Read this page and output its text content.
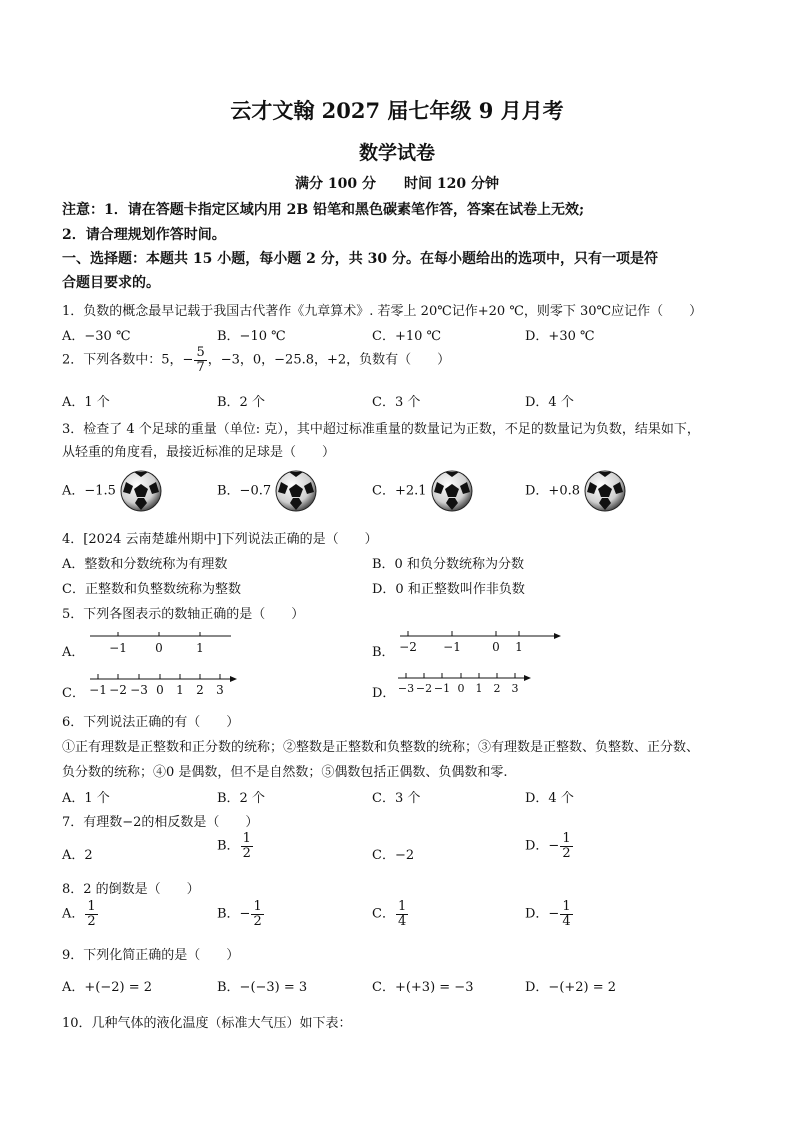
云才文翰 2027 届七年级 9 月月考
数学试卷
满分 100 分 时间 120 分钟
注意：1．请在答题卡指定区域内用 2B 铅笔和黑色碳素笔作答，答案在试卷上无效;
2．请合理规划作答时间。
一、选择题：本题共 15 小题，每小题 2 分，共 30 分。在每小题给出的选项中，只有一项是符
合题目要求的。
1．负数的概念最早记载于我国古代著作《九章算术》. 若零上 20℃记作+20 ℃，则零下 30℃应记作（　　）
A．−30 ℃	B．−10 ℃	C．+10 ℃	D．+30 ℃
2．下列各数中：5，− $\frac{5}{7}$ ，−3，0，−25.8，+2，负数有（　　）
A．1 个	B．2 个	C．3 个	D．4 个
3．检查了 4 个足球的重量（单位: 克），其中超过标准重量的数量记为正数，不足的数量记为负数，结果如下，
从轻重的角度看，最接近标准的足球是（　　）
A．−1.5	B．−0.7	C．+2.1	D．+0.8
4．[2024 云南楚雄州期中]下列说法正确的是（　　）
A．整数和分数统称为有理数	B．0 和负分数统称为分数
C．正整数和负整数统称为整数	D．0 和正整数叫作非负数
5．下列各图表示的数轴正确的是（　　）
A． −1 0	1	B． −2 −1	0 1
C． −1 −2 −3 0 1 2 3	D． −3 −2 −1 0 1 2 3
6．下列说法正确的有（　　）
①正有理数是正整数和正分数的统称；②整数是正整数和负整数的统称；③有理数是正整数、负整数、正分数、
负分数的统称；④0 是偶数，但不是自然数；⑤偶数包括正偶数、负偶数和零.
A．1 个	B．2 个	C．3 个	D．4 个
7．有理数−2的相反数是（　　）
A．2
B． $\frac{1}{2}$	C．−2
D．− $\frac{1}{2}$
8．2 的倒数是（　　）
A． $\frac{1}{2}$	B．− $\frac{1}{2}$	C． $\frac{1}{4}$	D．− $\frac{1}{4}$
9．下列化简正确的是（　　）
A．+(−2) = 2	B．−(−3) = 3	C．+(+3) = −3	D．−(+2) = 2
10．几种气体的液化温度（标准大气压）如下表：
